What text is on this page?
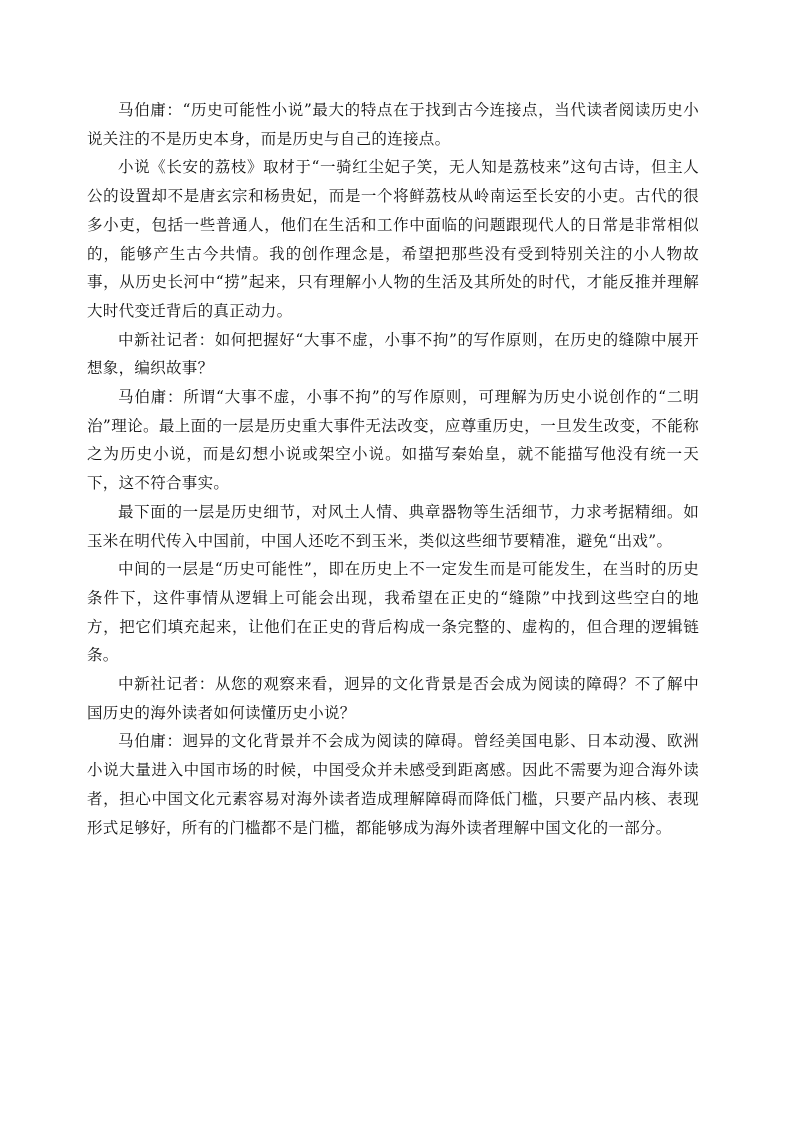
马伯庸：“历史可能性小说”最大的特点在于找到古今连接点，当代读者阅读历史小说关注的不是历史本身，而是历史与自己的连接点。

小说《长安的荔枝》取材于“一骑红尘妃子笑，无人知是荔枝来”这句古诗，但主人公的设置却不是唐玄宗和杨贵妃，而是一个将鲜荔枝从岭南运至长安的小吏。古代的很多小吏，包括一些普通人，他们在生活和工作中面临的问题跟现代人的日常是非常相似的，能够产生古今共情。我的创作理念是，希望把那些没有受到特别关注的小人物故事，从历史长河中“捞”起来，只有理解小人物的生活及其所处的时代，才能反推并理解大时代变迁背后的真正动力。

中新社记者：如何把握好“大事不虚，小事不拘”的写作原则，在历史的缝隙中展开想象，编织故事？

马伯庸：所谓“大事不虚，小事不拘”的写作原则，可理解为历史小说创作的“二明治”理论。最上面的一层是历史重大事件无法改变，应尊重历史，一旦发生改变，不能称之为历史小说，而是幻想小说或架空小说。如描写秦始皇，就不能描写他没有统一天下，这不符合事实。

最下面的一层是历史细节，对风土人情、典章器物等生活细节，力求考据精细。如玉米在明代传入中国前，中国人还吃不到玉米，类似这些细节要精准，避免“出戏”。

中间的一层是“历史可能性”，即在历史上不一定发生而是可能发生，在当时的历史条件下，这件事情从逻辑上可能会出现，我希望在正史的“缝隙”中找到这些空白的地方，把它们填充起来，让他们在正史的背后构成一条完整的、虚构的，但合理的逻辑链条。

中新社记者：从您的观察来看，迥异的文化背景是否会成为阅读的障碍？不了解中国历史的海外读者如何读懂历史小说？

马伯庸：迥异的文化背景并不会成为阅读的障碍。曾经美国电影、日本动漫、欧洲小说大量进入中国市场的时候，中国受众并未感受到距离感。因此不需要为迎合海外读者，担心中国文化元素容易对海外读者造成理解障碍而降低门槛，只要产品内核、表现形式足够好，所有的门槛都不是门槛，都能够成为海外读者理解中国文化的一部分。
